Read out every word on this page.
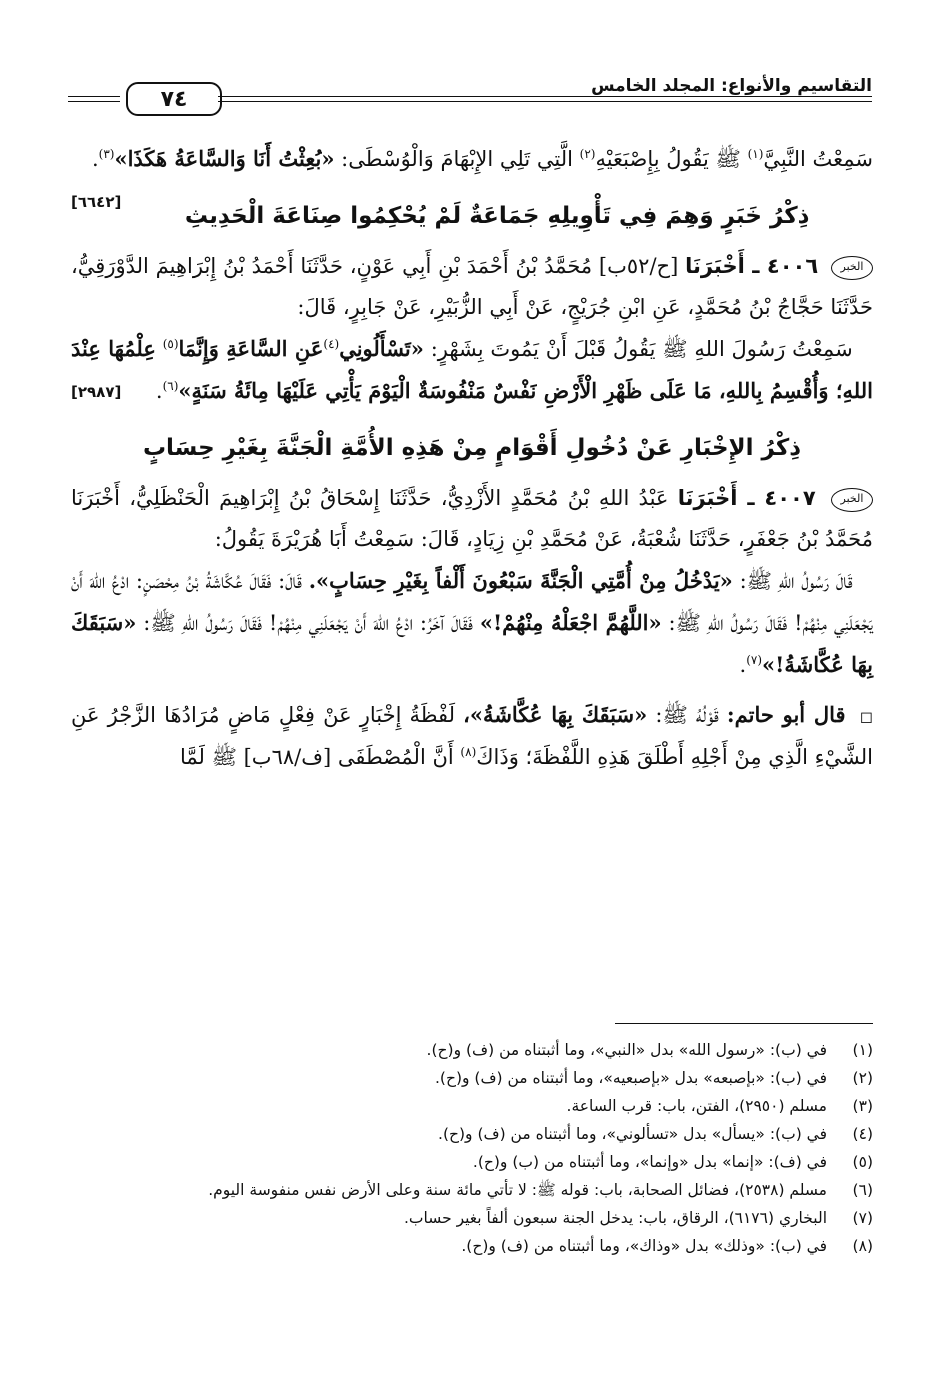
التقاسيم والأنواع: المجلد الخامس
٧٤

سَمِعْتُ النَّبِيَّ$^{(١)}$ ﷺ يَقُولُ بِإِصْبَعَيْهِ$^{(٢)}$ الَّتِي تَلِي الإِبْهَامَ وَالْوُسْطَى: «بُعِثْتُ أَنَا وَالسَّاعَةُ هَكَذَا»$^{(٣)}$.
[٦٦٤٢]

ذِكْرُ خَبَرٍ وَهِمَ فِي تَأْوِيلِهِ جَمَاعَةٌ لَمْ يُحْكِمُوا صِنَاعَةَ الْحَدِيثِ

الخبر ٤٠٠٦ ـ أَخْبَرَنَا [ح/٥٢ب] مُحَمَّدُ بْنُ أَحْمَدَ بْنِ أَبِي عَوْنٍ، حَدَّثَنَا أَحْمَدُ بْنُ إِبْرَاهِيمَ الدَّوْرَقِيُّ، حَدَّثَنَا حَجَّاجُ بْنُ مُحَمَّدٍ، عَنِ ابْنِ جُرَيْجٍ، عَنْ أَبِي الزُّبَيْرِ، عَنْ جَابِرٍ، قَالَ:

سَمِعْتُ رَسُولَ اللهِ ﷺ يَقُولُ قَبْلَ أَنْ يَمُوتَ بِشَهْرٍ: «تَسْأَلُونِي$^{(٤)}$عَنِ السَّاعَةِ وَإِنَّمَا$^{(٥)}$ عِلْمُهَا عِنْدَ اللهِ؛ وَأُقْسِمُ بِاللهِ، مَا عَلَى ظَهْرِ الْأَرْضِ نَفْسٌ مَنْفُوسَةٌ الْيَوْمَ يَأْتِي عَلَيْهَا مِائَةُ سَنَةٍ»$^{(٦)}$.
[٢٩٨٧]

ذِكْرُ الإِخْبَارِ عَنْ دُخُولِ أَقْوَامٍ مِنْ هَذِهِ الأُمَّةِ الْجَنَّةَ بِغَيْرِ حِسَابٍ

الخبر ٤٠٠٧ ـ أَخْبَرَنَا عَبْدُ اللهِ بْنُ مُحَمَّدٍ الأَزْدِيُّ، حَدَّثَنَا إِسْحَاقُ بْنُ إِبْرَاهِيمَ الْحَنْظَلِيُّ، أَخْبَرَنَا مُحَمَّدُ بْنُ جَعْفَرٍ، حَدَّثَنَا شُعْبَةُ، عَنْ مُحَمَّدِ بْنِ زِيَادٍ، قَالَ: سَمِعْتُ أَبَا هُرَيْرَةَ يَقُولُ:

قَالَ رَسُولُ اللهِ ﷺ: «يَدْخُلُ مِنْ أُمَّتِي الْجَنَّةَ سَبْعُونَ أَلْفاً بِغَيْرِ حِسَابٍ». قَالَ: فَقَالَ عُكَّاشَةُ بْنُ مِحْصَنٍ: ادْعُ اللهَ أَنْ يَجْعَلَنِي مِنْهُمْ! فَقَالَ رَسُولُ اللهِ ﷺ: «اللَّهُمَّ اجْعَلْهُ مِنْهُمْ!» فَقَالَ آخَرُ: ادْعُ اللهَ أَنْ يَجْعَلَنِي مِنْهُمْ! فَقَالَ رَسُولُ اللهِ ﷺ: «سَبَقَكَ بِهَا عُكَّاشَةُ!»$^{(٧)}$.

◻ قال أبو حاتم: قَوْلُهُ ﷺ: «سَبَقَكَ بِهَا عُكَّاشَةُ»، لَفْظَةُ إِخْبَارٍ عَنْ فِعْلٍ مَاضٍ مُرَادُهَا الزَّجْرُ عَنِ الشَّيْءِ الَّذِي مِنْ أَجْلِهِ أَطْلَقَ هَذِهِ اللَّفْظَةَ؛ وَذَاكَ$^{(٨)}$ أَنَّ الْمُصْطَفَى [ف/٦٨ب] ﷺ لَمَّا

(١)
في (ب): «رسول الله» بدل «النبي»، وما أثبتناه من (ف) و(ح).
(٢)
في (ب): «بإصبعه» بدل «بإصبعيه»، وما أثبتناه من (ف) و(ح).
(٣)
مسلم (٢٩٥٠)، الفتن، باب: قرب الساعة.
(٤)
في (ب): «يسأل» بدل «تسألوني»، وما أثبتناه من (ف) و(ح).
(٥)
في (ف): «إنما» بدل «وإنما»، وما أثبتناه من (ب) و(ح).
(٦)
مسلم (٢٥٣٨)، فضائل الصحابة، باب: قوله ﷺ: لا تأتي مائة سنة وعلى الأرض نفس منفوسة اليوم.
(٧)
البخاري (٦١٧٦)، الرقاق، باب: يدخل الجنة سبعون ألفاً بغير حساب.
(٨)
في (ب): «وذلك» بدل «وذاك»، وما أثبتناه من (ف) و(ح).
